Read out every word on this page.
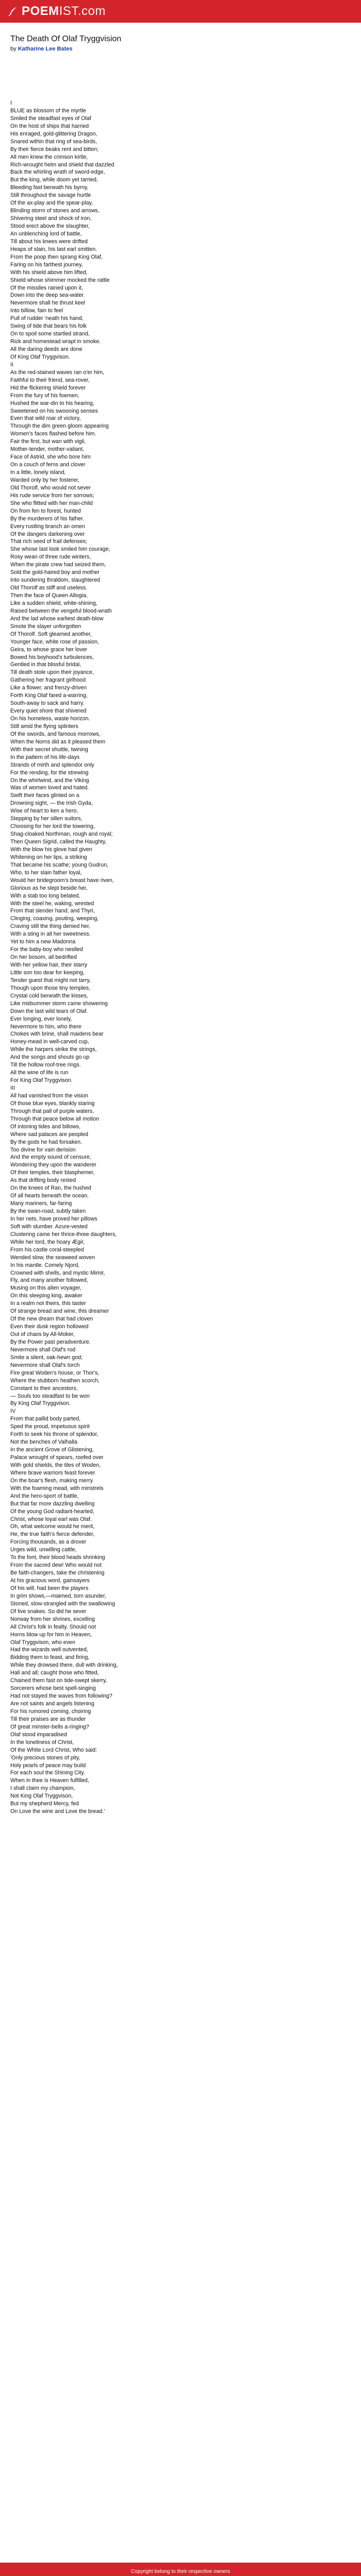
POEM IST.com
The Death Of Olaf Tryggvision
by Katharine Lee Bates
I
BLUE as blossom of the myrtle
Smiled the steadfast eyes of Olaf
On the host of ships that harried
His enraged, gold-glittering Dragon,
Snared within that ring of sea-birds,
By their fierce beaks rent and bitten;
All men knew the crimson kirtle,
Rich-wrought helm and shield that dazzled
Back the whirling wrath of sword-edge,
But the king, while doom yet tarried,
Bleeding fast beneath his byrny,
Still throughout the savage hurtle
Of the ax-play and the spear-play,
Blinding storm of stones and arrows,
Shivering steel and shock of iron,
Stood erect above the slaughter,
An unblenching lord of battle,
Till about his knees were drifted
Heaps of slain, his last earl smitten.
From the poop then sprang King Olaf,
Faring on his farthest journey,
With his shield above him lifted,
Shield whose shimmer mocked the rattle
Of the missiles rained upon it,
Down into the deep sea-water.
Nevermore shall he thrust keel
Into billow, fain to feel
Pull of rudder 'neath his hand,
Swing of tide that bears his folk
On to spoil some startled strand,
Rick and homestead wrapt in smoke.
All the daring deeds are done
Of King Olaf Tryggvison.
II
As the red-stained waves ran o'er him,
Faithful to their friend, sea-rover,
Hid the flickering shield forever
From the fury of his foemen,
Hushed the war-din to his hearing,
Sweetened on his swooning senses
Even that wild roar of victory,
Through the dim green gloom appearing
Women's faces flashed before him.
Fair the first, but wan with vigil,
Mother-tender, mother-valiant,
Face of Astrid, she who bore him
On a couch of ferns and clover
In a little, lonely island,
Warded only by her fosterer,
Old Thorolf, who would not sever
His rude service from her sorrows;
She who flitted with her man-child
On from fen to forest, hunted
By the murderers of his father.
Every rustling branch an omen
Of the dangers darkening over
That rich seed of frail defenses;
She whose last look smiled him courage,
Rosy wean of three rude winters,
When the pirate crew had seized them,
Sold the gold-haired boy and mother
Into sundering thraldom, slaughtered
Old Thorolf as stiff and useless.
Then the face of Queen Allogia,
Like a sudden shield, white-shining,
Raised between the vengeful blood-wrath
And the lad whose earliest death-blow
Smote the slayer unforgotten
Of Thorolf. Soft gleamed another,
Younger face, white rose of passion,
Geira, to whose grace her lover
Bowed his boyhood's turbulences,
Gentled in that blissful bridal,
Till death stole upon their joyance,
Gathering her fragrant girlhood
Like a flower, and frenzy-driven
Forth King Olaf fared a-warring,
South-away to sack and harry.
Every quiet shore that shivered
On his homeless, waste horizon.
Still amid the flying splinters
Of the swords, and famous morrows,
When the Norns did as it pleased them
With their secret shuttle, twining
In the pattern of his life-days
Strands of mirth and splendor only
For the rending, for the strewing
On the whirlwind, and the Viking
Was of women loved and hated.
Swift their faces glinted on a
Drowning sight, — the Irish Gyda,
Wise of heart to ken a hero,
Stepping by her sillen suitors,
Choosing for her lord the towering,
Shag-cloaked Northman, rough and royal;
Then Queen Sigrid, called the Haughty,
With the blow his glove had given
Whitening on her lips, a striking
That became his scathe; young Gudrun,
Who, to her slain father loyal,
Would her bridegroom's breast have riven,
Glorious as he slept beside her,
With a stab too long belated,
With the steel he, waking, wrested
From that slender hand; and Thyri,
Clinging, coaxing, pouting, weeping,
Craving still the thing denied her,
With a sting in all her sweetness.
Yet to him a new Madonna
For the baby-boy who nestled
On her bosom, all bedrifted
With her yellow hair, their starry
Little son too dear for keeping,
Tender guest that might not tarry,
Though upon those tiny temples,
Crystal cold beneath the kisses,
Like midsummer storm came showering
Down the last wild tears of Olaf.
Ever longing, ever lonely,
Nevermore to him, who there
Chokes with brine, shall maidens bear
Honey-mead in well-carved cup,
While the harpers strike the strings,
And the songs and shouts go up
Till the hollow roof-tree rings.
All the wine of life is run
For King Olaf Tryggvison.
III
All had vanished from the vision
Of those blue eyes, blankly staring
Through that pall of purple waters,
Through that peace below all motion
Of intoning tides and billows,
Where sad palaces are peopled
By the gods he had forsaken.
Too divine for vain derision
And the empty sound of censure,
Wondering they upon the wanderer
Of their temples, their blasphemer,
As that drifting body rested
On the knees of Ran, the hushed
Of all hearts beneath the ocean.
Many mariners, far-faring
By the swan-road, subtly taken
In her nets, have proved her pillows
Soft with slumber. Azure-vested
Clustering came her thrice-three daughters,
While her lord, the hoary Ægir,
From his castle coral-steepled
Wended slow, the seaweed woven
In his mantle. Comely Njord,
Crowned with shells, and mystic Mimir,
Fly, and many another followed,
Musing on this alien voyager,
On this sleeping king, awaker
In a realm not theirs, this taster
Of strange bread and wine, this dreamer
Of the new dream that had cloven
Even their dusk region hollowed
Out of chaos by All-Moker,
By the Power past peradventure.
Nevermore shall Olaf's rod
Smite a silent, oak-hewn god;
Nevermore shall Olaf's torch
Fire great Woden's house, or Thor's,
Where the stubborn heathen scorch,
Constant to their ancestors,
— Souls too steadfast to be won
By King Olaf Tryggvison.
IV
From that pallid body parted,
Sped the proud, impetuous spirit
Forth to seek his throne of splendor,
Not the benches of Valhalla
In the ancient Grove of Glistening,
Palace wrought of spears, roofed over
With gold shields, the tiles of Woden,
Where brave warriors feast forever
On the boar's flesh, making merry
With the foaming mead, with minstrels
And the hero-sport of battle,
But that far more dazzling dwelling
Of the young God radiant-hearted,
Christ, whose loyal earl was Olaf.
Oh, what welcome would he merit,
He, the true faith's fierce defender,
Forcing thousands, as a drover
Urges wild, unwilling cattle,
To the font, their blood heads shrinking
From the sacred dew! Who would not
Be faith-changers, take the christening
At his gracious word, gainsayers
Of his will, had been the players
In grim shows,—maimed, torn asunder,
Stoned, slow-strangled with the swallowing
Of live snakes. So did he sever
Norway from her shrines, excelling
All Christ's folk in fealty. Should not
Horns blow up for him in Heaven,
Olaf Tryggvison, who even
Had the wizards well outvented,
Bidding them to feast, and firing,
While they drowsed there, dull with drinking,
Hall and all; caught those who fitted,
Chained them fast on tide-swept skerry,
Sorcerers whose best spell-singing
Had not stayed the waves from following?
Are not saints and angels listening
For his rumored coming, choiring
Till their praises are as thunder
Of great minster-bells a-ringing?
Olaf stood imparadised
In the loneliness of Christ,
Of the White Lord Christ, Who said:
'Only precious stones of pity,
Holy pearls of peace may build
For each soul the Shining City.
When in thee is Heaven fulfilled,
I shall claim my champion,
Not King Olaf Tryggvison,
But my shepherd Mercy, fed
On Love the wine and Love the bread.'
Copyright belong to their respective owners
